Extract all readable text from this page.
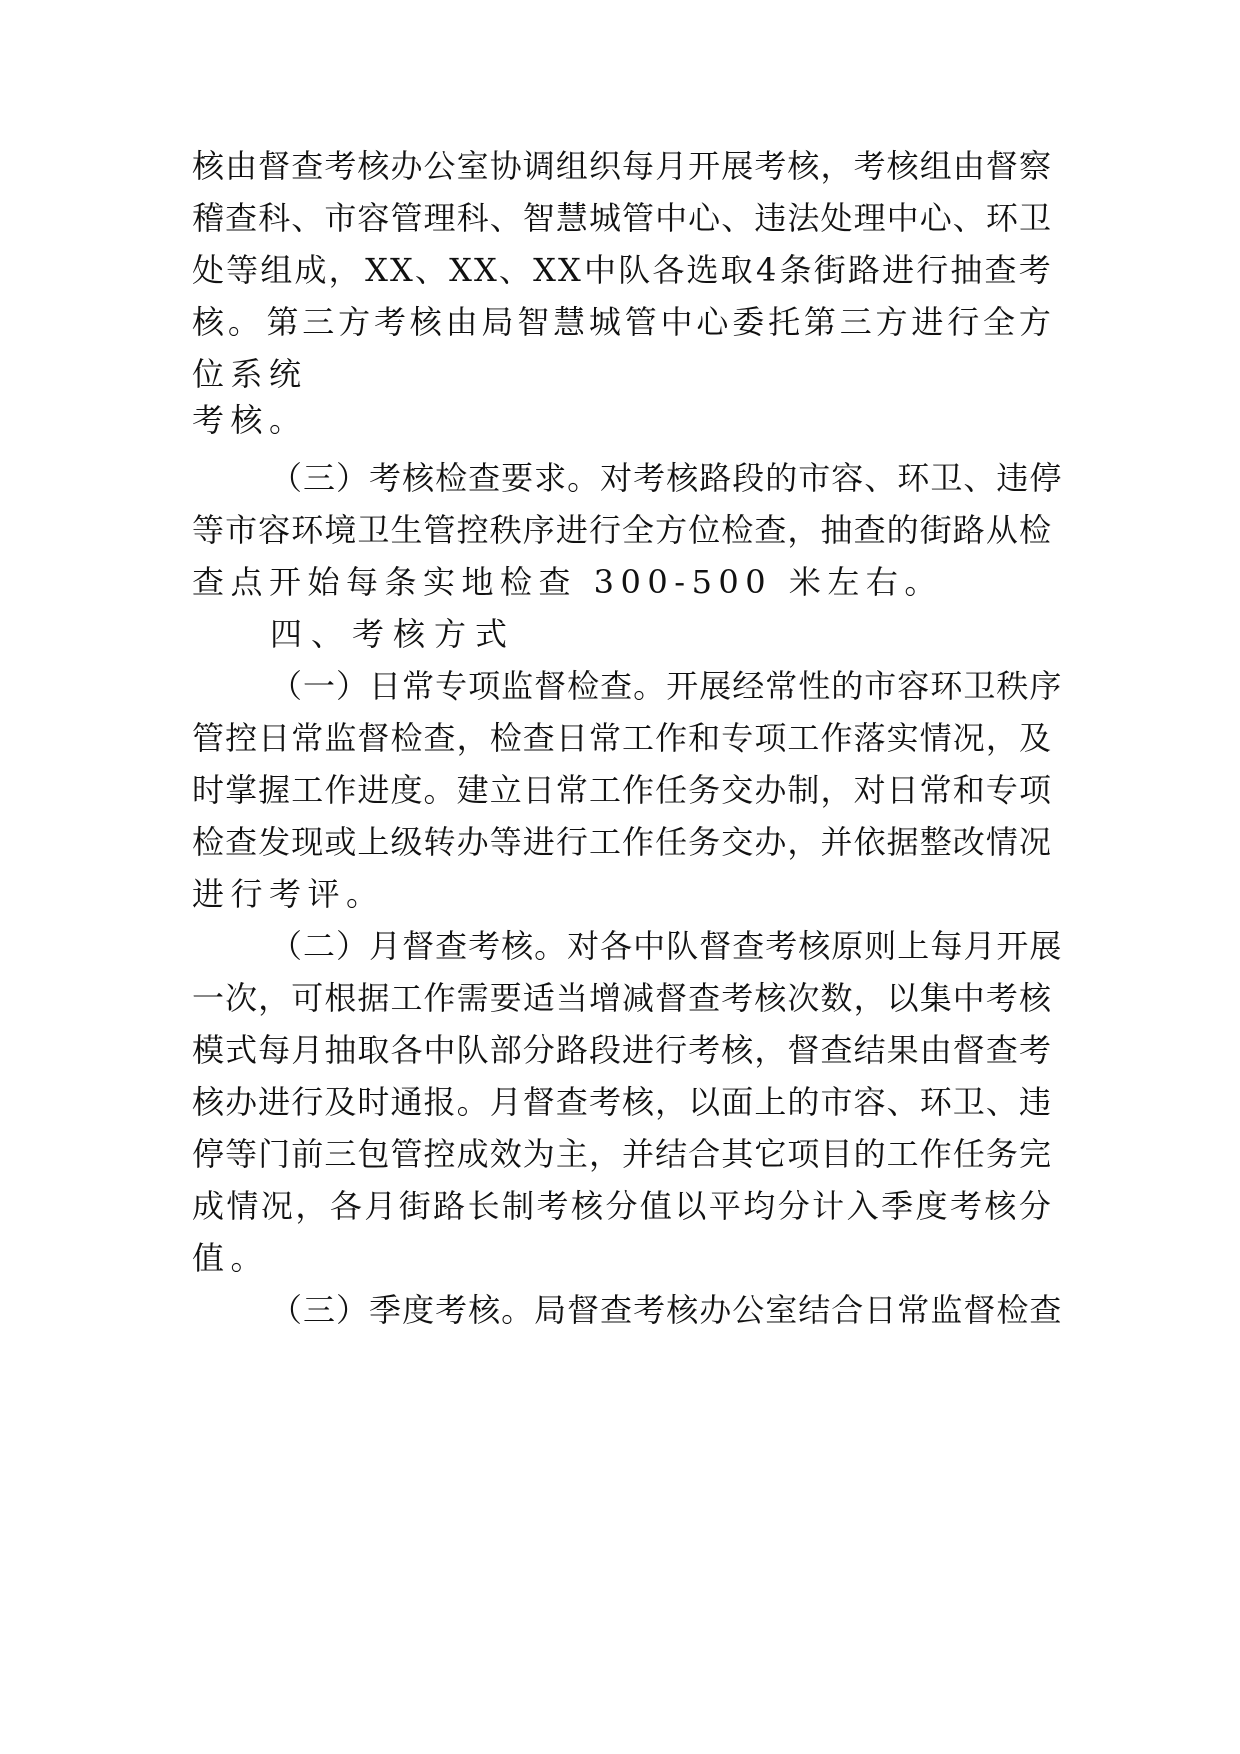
核 由 督 查 考 核 办 公 室 协 调 组 织 每 月 开 展 考 核 ， 考 核 组 由 督 察
稽 查 科 、 市 容 管 理 科 、 智 慧 城 管 中 心 、 违 法 处 理 中 心 、 环 卫
处 等 组 成 ， X X 、 X X 、 X X 中 队 各 选 取 4 条 街 路 进 行 抽 查 考
核 。 第 三 方 考 核 由 局 智 慧 城 管 中 心 委 托 第 三 方 进 行 全 方
位系统
考核。
（ 三 ） 考 核 检 查 要 求 。 对 考 核 路 段 的 市 容 、 环 卫 、 违 停
等 市 容 环 境 卫 生 管 控 秩 序 进 行 全 方 位 检 查 ， 抽 查 的 街 路 从 检
查点开始每条实地检查 300-500 米左右。
四、考核方式
（ 一 ） 日 常 专 项 监 督 检 查 。 开 展 经 常 性 的 市 容 环 卫 秩 序
管 控 日 常 监 督 检 查 ， 检 查 日 常 工 作 和 专 项 工 作 落 实 情 况 ， 及
时 掌 握 工 作 进 度 。 建 立 日 常 工 作 任 务 交 办 制 ， 对 日 常 和 专 项
检 查 发 现 或 上 级 转 办 等 进 行 工 作 任 务 交 办 ， 并 依 据 整 改 情 况
进行考评。
（ 二 ） 月 督 查 考 核 。 对 各 中 队 督 查 考 核 原 则 上 每 月 开 展
一 次 ， 可 根 据 工 作 需 要 适 当 增 减 督 查 考 核 次 数 ， 以 集 中 考 核
模 式 每 月 抽 取 各 中 队 部 分 路 段 进 行 考 核 ， 督 查 结 果 由 督 查 考
核 办 进 行 及 时 通 报 。 月 督 查 考 核 ， 以 面 上 的 市 容 、 环 卫 、 违
停 等 门 前 三 包 管 控 成 效 为 主 ， 并 结 合 其 它 项 目 的 工 作 任 务 完
成 情 况 ， 各 月 街 路 长 制 考 核 分 值 以 平 均 分 计 入 季 度 考 核 分
值。
（ 三 ） 季 度 考 核 。 局 督 查 考 核 办 公 室 结 合 日 常 监 督 检 查
